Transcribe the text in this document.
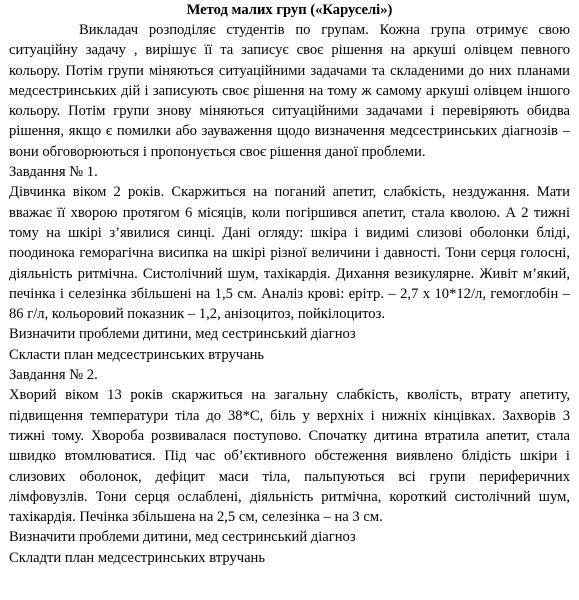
Метод малих груп («Каруселі»)

Викладач розподіляє студентів по групам. Кожна група отримує свою ситуаційну задачу , вирішує її та записує своє рішення на аркуші олівцем певного кольору. Потім групи міняються ситуаційними задачами та складеними до них планами медсестринських дій і записують своє рішення на тому ж самому аркуші олівцем іншого кольору. Потім групи знову міняються ситуаційними задачами і перевіряють обидва рішення, якщо є помилки або зауваження щодо визначення медсестринських діагнозів – вони обговорюються і пропонується своє рішення даної проблеми.

Завдання № 1.

Дівчинка віком 2 років. Скаржиться на поганий апетит, слабкість, нездужання. Мати вважає її хворою протягом 6 місяців, коли погіршився апетит, стала кволою. А 2 тижні тому на шкірі з’явилися синці. Дані огляду: шкіра і видимі слизові оболонки бліді, поодинока геморагічна висипка на шкірі різної величини і давності. Тони серця голосні, діяльність ритмічна. Систолічний шум, тахікардія. Дихання везикулярне. Живіт м’який, печінка і селезінка збільшені на 1,5 см. Аналіз крові: ерітр. – 2,7 х 10*12/л, гемоглобін – 86 г/л, кольоровий показник – 1,2, анізоцитоз, пойкілоцитоз.

Визначити проблеми дитини, мед сестринський діагноз

Скласти план медсестринських втручань

Завдання № 2.

Хворий віком 13 років скаржиться на загальну слабкість, кволість, втрату апетиту, підвищення температури тіла до 38*С, біль у верхніх і нижніх кінцівках. Захворів 3 тижні тому. Хвороба розвивалася поступово. Спочатку дитина втратила апетит, стала швидко втомлюватися. Під час об’єктивного обстеження виявлено блідість шкіри і слизових оболонок, дефіцит маси тіла, пальпуються всі групи периферичних лімфовузлів. Тони серця ослаблені, діяльність ритмічна, короткий систолічний шум, тахікардія. Печінка збільшена на 2,5 см, селезінка – на 3 см.

Визначити проблеми дитини, мед сестринський діагноз

Складти план медсестринських втручань
